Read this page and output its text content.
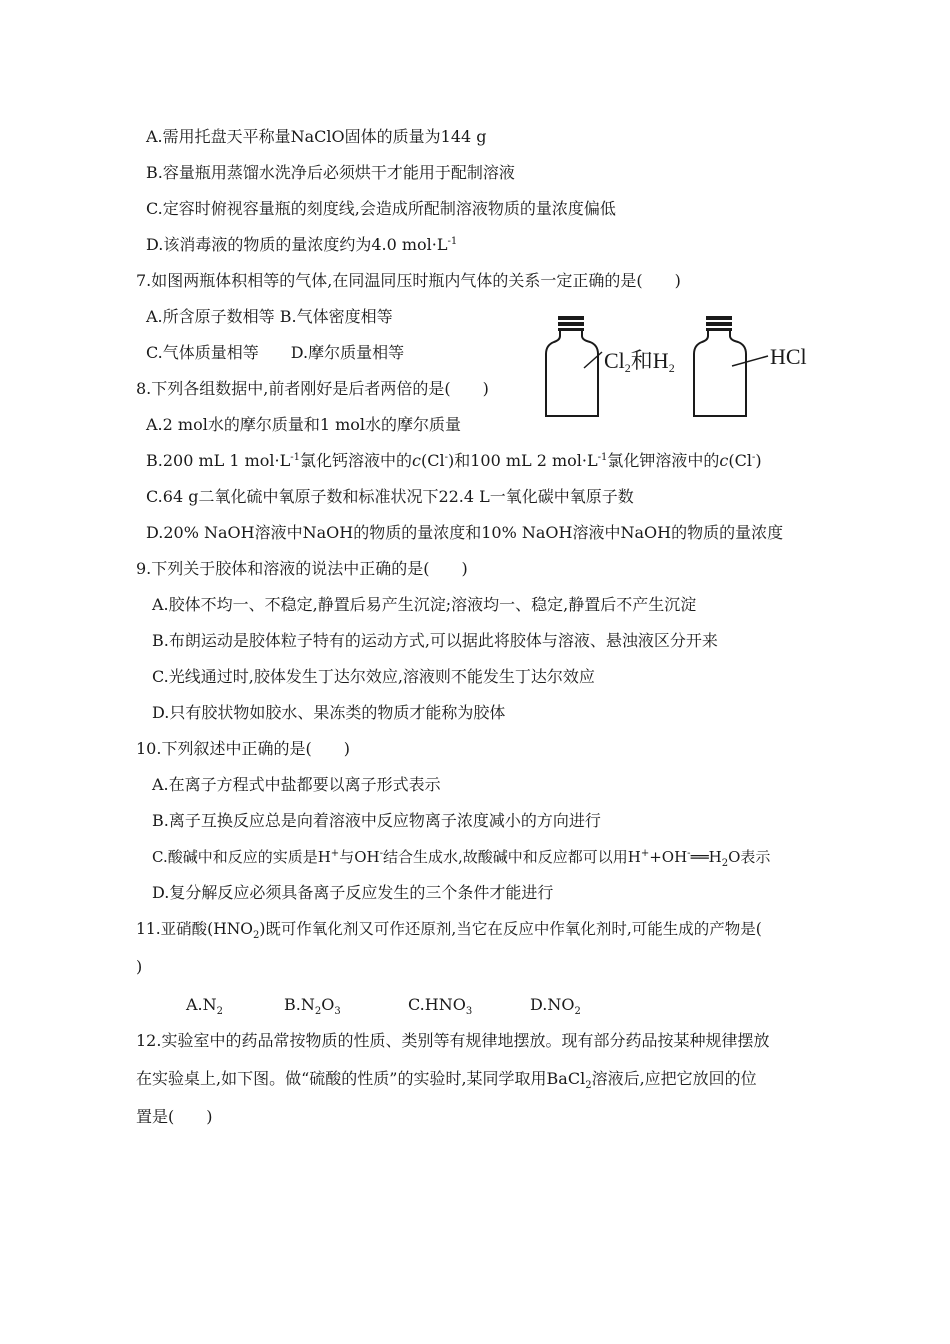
A.需用托盘天平称量NaClO固体的质量为144 g
B.容量瓶用蒸馏水洗净后必须烘干才能用于配制溶液
C.定容时俯视容量瓶的刻度线,会造成所配制溶液物质的量浓度偏低
D.该消毒液的物质的量浓度约为4.0 $mol\cdot L^{-1}$
7.如图两瓶体积相等的气体,在同温同压时瓶内气体的关系一定正确的是(　　)
A.所含原子数相等 B.气体密度相等
C.气体质量相等　　D.摩尔质量相等	Cl2和H2	HCl
8.下列各组数据中,前者刚好是后者两倍的是(　　)
A.2 mol水的摩尔质量和1 mol水的摩尔质量
B.200 mL 1 $mol\cdot L^{-1}$氯化钙溶液中的c(Cl-)和100 mL 2 $mol\cdot L^{-1}$氯化钾溶液中的c(Cl-)
C.64 g二氧化硫中氧原子数和标准状况下22.4 L一氧化碳中氧原子数
D.20% NaOH溶液中NaOH的物质的量浓度和10% NaOH溶液中NaOH的物质的量浓度
9.下列关于胶体和溶液的说法中正确的是(　　)
A.胶体不均一、不稳定,静置后易产生沉淀;溶液均一、稳定,静置后不产生沉淀
B.布朗运动是胶体粒子特有的运动方式,可以据此将胶体与溶液、悬浊液区分开来
C.光线通过时,胶体发生丁达尔效应,溶液则不能发生丁达尔效应
D.只有胶状物如胶水、果冻类的物质才能称为胶体
10.下列叙述中正确的是(　　)
A.在离子方程式中盐都要以离子形式表示
B.离子互换反应总是向着溶液中反应物离子浓度减小的方向进行
C.酸碱中和反应的实质是H+与OH-结合生成水,故酸碱中和反应都可以用$H^++OH^-══H_2O$表示
D.复分解反应必须具备离子反应发生的三个条件才能进行
11.亚硝酸$(HNO_2)$既可作氧化剂又可作还原剂,当它在反应中作氧化剂时,可能生成的产物是(
)
$A.N_2$	$B.N_2O_3$	$C.HNO_3$	$D.NO_2$
12.实验室中的药品常按物质的性质、类别等有规律地摆放。现有部分药品按某种规律摆放
在实验桌上,如下图。做“硫酸的性质”的实验时,某同学取用BaCl$_2$溶液后,应把它放回的位
置是(　　)
